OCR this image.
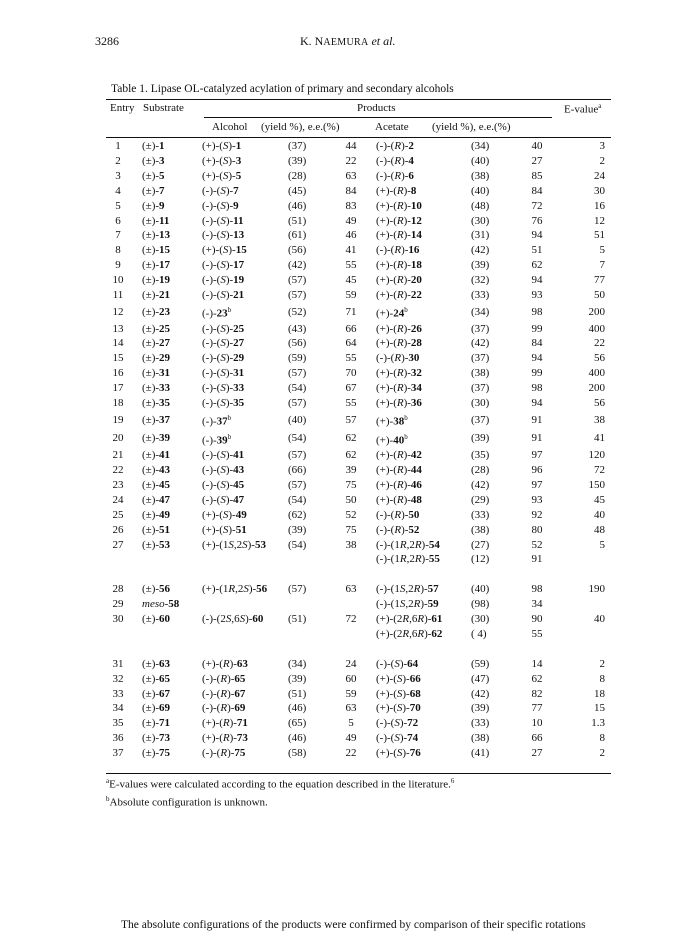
3286	K. NAEMURA et al.
Table 1. Lipase OL-catalyzed acylation of primary and secondary alcohols
Entry Substrate	Products	E-value$^a$
Alcohol (yield %), e.e.(%)	Acetate (yield %), e.e.(%)
1	(±)-1	(+)-(S)-1	(37)	44	(-)-(R)-2	(34)	40	3
2	(±)-3	(+)-(S)-3	(39)	22	(-)-(R)-4	(40)	27	2
3	(±)-5	(+)-(S)-5	(28)	63	(-)-(R)-6	(38)	85	24
4	(±)-7	(-)-(S)-7	(45)	84	(+)-(R)-8	(40)	84	30
5	(±)-9	(-)-(S)-9	(46)	83	(+)-(R)-10	(48)	72	16
6	(±)-11	(-)-(S)-11	(51)	49	(+)-(R)-12	(30)	76	12
7	(±)-13	(-)-(S)-13	(61)	46	(+)-(R)-14	(31)	94	51
8	(±)-15	(+)-(S)-15	(56)	41	(-)-(R)-16	(42)	51	5
9	(±)-17	(-)-(S)-17	(42)	55	(+)-(R)-18	(39)	62	7
10	(±)-19	(-)-(S)-19	(57)	45	(+)-(R)-20	(32)	94	77
11	(±)-21	(-)-(S)-21	(57)	59	(+)-(R)-22	(33)	93	50
12	(±)-23	(-)-23$^b$	(52)	71	$(+)-24^b$	(34)	98	200
13	(±)-25	(-)-(S)-25	(43)	66	(+)-(R)-26	(37)	99	400
14	(±)-27	(-)-(S)-27	(56)	64	(+)-(R)-28	(42)	84	22
15	(±)-29	(-)-(S)-29	(59)	55	(-)-(R)-30	(37)	94	56
16	(±)-31	(-)-(S)-31	(57)	70	(+)-(R)-32	(38)	99	400
17	(±)-33	(-)-(S)-33	(54)	67	(+)-(R)-34	(37)	98	200
18	(±)-35	(-)-(S)-35	(57)	55	(+)-(R)-36	(30)	94	56
19	(±)-37	(-)-37$^b$	(40)	57	$(+)-38^b$	(37)	91	38
20	(±)-39	(-)-39$^b$	(54)	62	$(+)-40^b$	(39)	91	41
21	(±)-41	(-)-(S)-41	(57)	62	(+)-(R)-42	(35)	97	120
22	(±)-43	(-)-(S)-43	(66)	39	(+)-(R)-44	(28)	96	72
23	(±)-45	(-)-(S)-45	(57)	75	(+)-(R)-46	(42)	97	150
24	(±)-47	(-)-(S)-47	(54)	50	(+)-(R)-48	(29)	93	45
25	(±)-49	(+)-(S)-49	(62)	52	(-)-(R)-50	(33)	92	40
26	(±)-51	(+)-(S)-51	(39)	75	(-)-(R)-52	(38)	80	48
27	(±)-53	(+)-(1S,2S)-53	(54)	38	(-)-(1R,2R)-54	(27)	52	5
					(-)-(1R,2R)-55	(12)	91	

28	(±)-56	(+)-(1R,2S)-56	(57)	63	(-)-(1S,2R)-57	(40)	98	190
29	meso-58				(-)-(1S,2R)-59	(98)	34	
30	(±)-60	(-)-(2S,6S)-60	(51)	72	(+)-(2R,6R)-61	(30)	90	40
					(+)-(2R,6R)-62	( 4)	55	

31	(±)-63	(+)-(R)-63	(34)	24	(-)-(S)-64	(59)	14	2
32	(±)-65	(-)-(R)-65	(39)	60	(+)-(S)-66	(47)	62	8
33	(±)-67	(-)-(R)-67	(51)	59	(+)-(S)-68	(42)	82	18
34	(±)-69	(-)-(R)-69	(46)	63	(+)-(S)-70	(39)	77	15
35	(±)-71	(+)-(R)-71	(65)	5	(-)-(S)-72	(33)	10	1.3
36	(±)-73	(+)-(R)-73	(46)	49	(-)-(S)-74	(38)	66	8
37	(±)-75	(-)-(R)-75	(58)	22	(+)-(S)-76	(41)	27	2
$^a$E-values were calculated according to the equation described in the literature.$^6$
$^b$Absolute configuration is unknown.
The absolute configurations of the products were confirmed by comparison of their specific rotations
